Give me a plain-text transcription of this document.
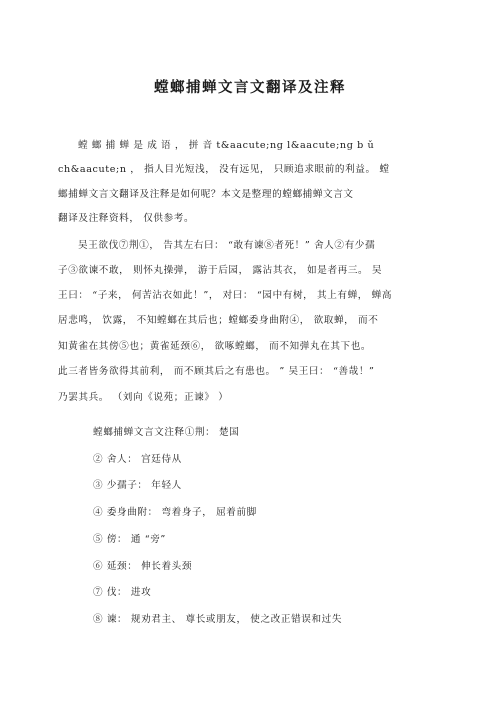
螳螂捕蝉文言文翻译及注释
螳 螂 捕 蝉 是 成 语 ， 拼 音 t&aacute;ng l&aacute;ng b ǔ
ch&aacute;n ， 指人目光短浅， 没有远见， 只顾追求眼前的利益。 螳
螂捕蝉文言文翻译及注释是如何呢？本文是整理的螳螂捕蝉文言文
翻译及注释资料， 仅供参考。
吴王欲伐⑦荆①， 告其左右曰： “敢有谏⑧者死！” 舍人②有少孺
子③欲谏不敢， 则怀丸操弹， 游于后园， 露沾其衣， 如是者再三。 吴
王曰： “子来， 何苦沾衣如此！”， 对曰： “园中有树， 其上有蝉， 蝉高
居悲鸣， 饮露， 不知螳螂在其后也；螳螂委身曲附④， 欲取蝉， 而不
知黄雀在其傍⑤也；黄雀延颈⑥， 欲啄螳螂， 而不知弹丸在其下也。
此三者皆务欲得其前利， 而不顾其后之有患也。 ” 吴王曰： “善哉！”
乃罢其兵。 （刘向《说苑；正谏》 ）
螳螂捕蝉文言文注释①荆： 楚国
② 舍人： 宫廷侍从
③ 少孺子： 年轻人
④ 委身曲附： 弯着身子， 屈着前脚
⑤ 傍： 通 “旁”
⑥ 延颈： 伸长着头颈
⑦ 伐： 进攻
⑧ 谏： 规劝君主、 尊长或朋友， 使之改正错误和过失
